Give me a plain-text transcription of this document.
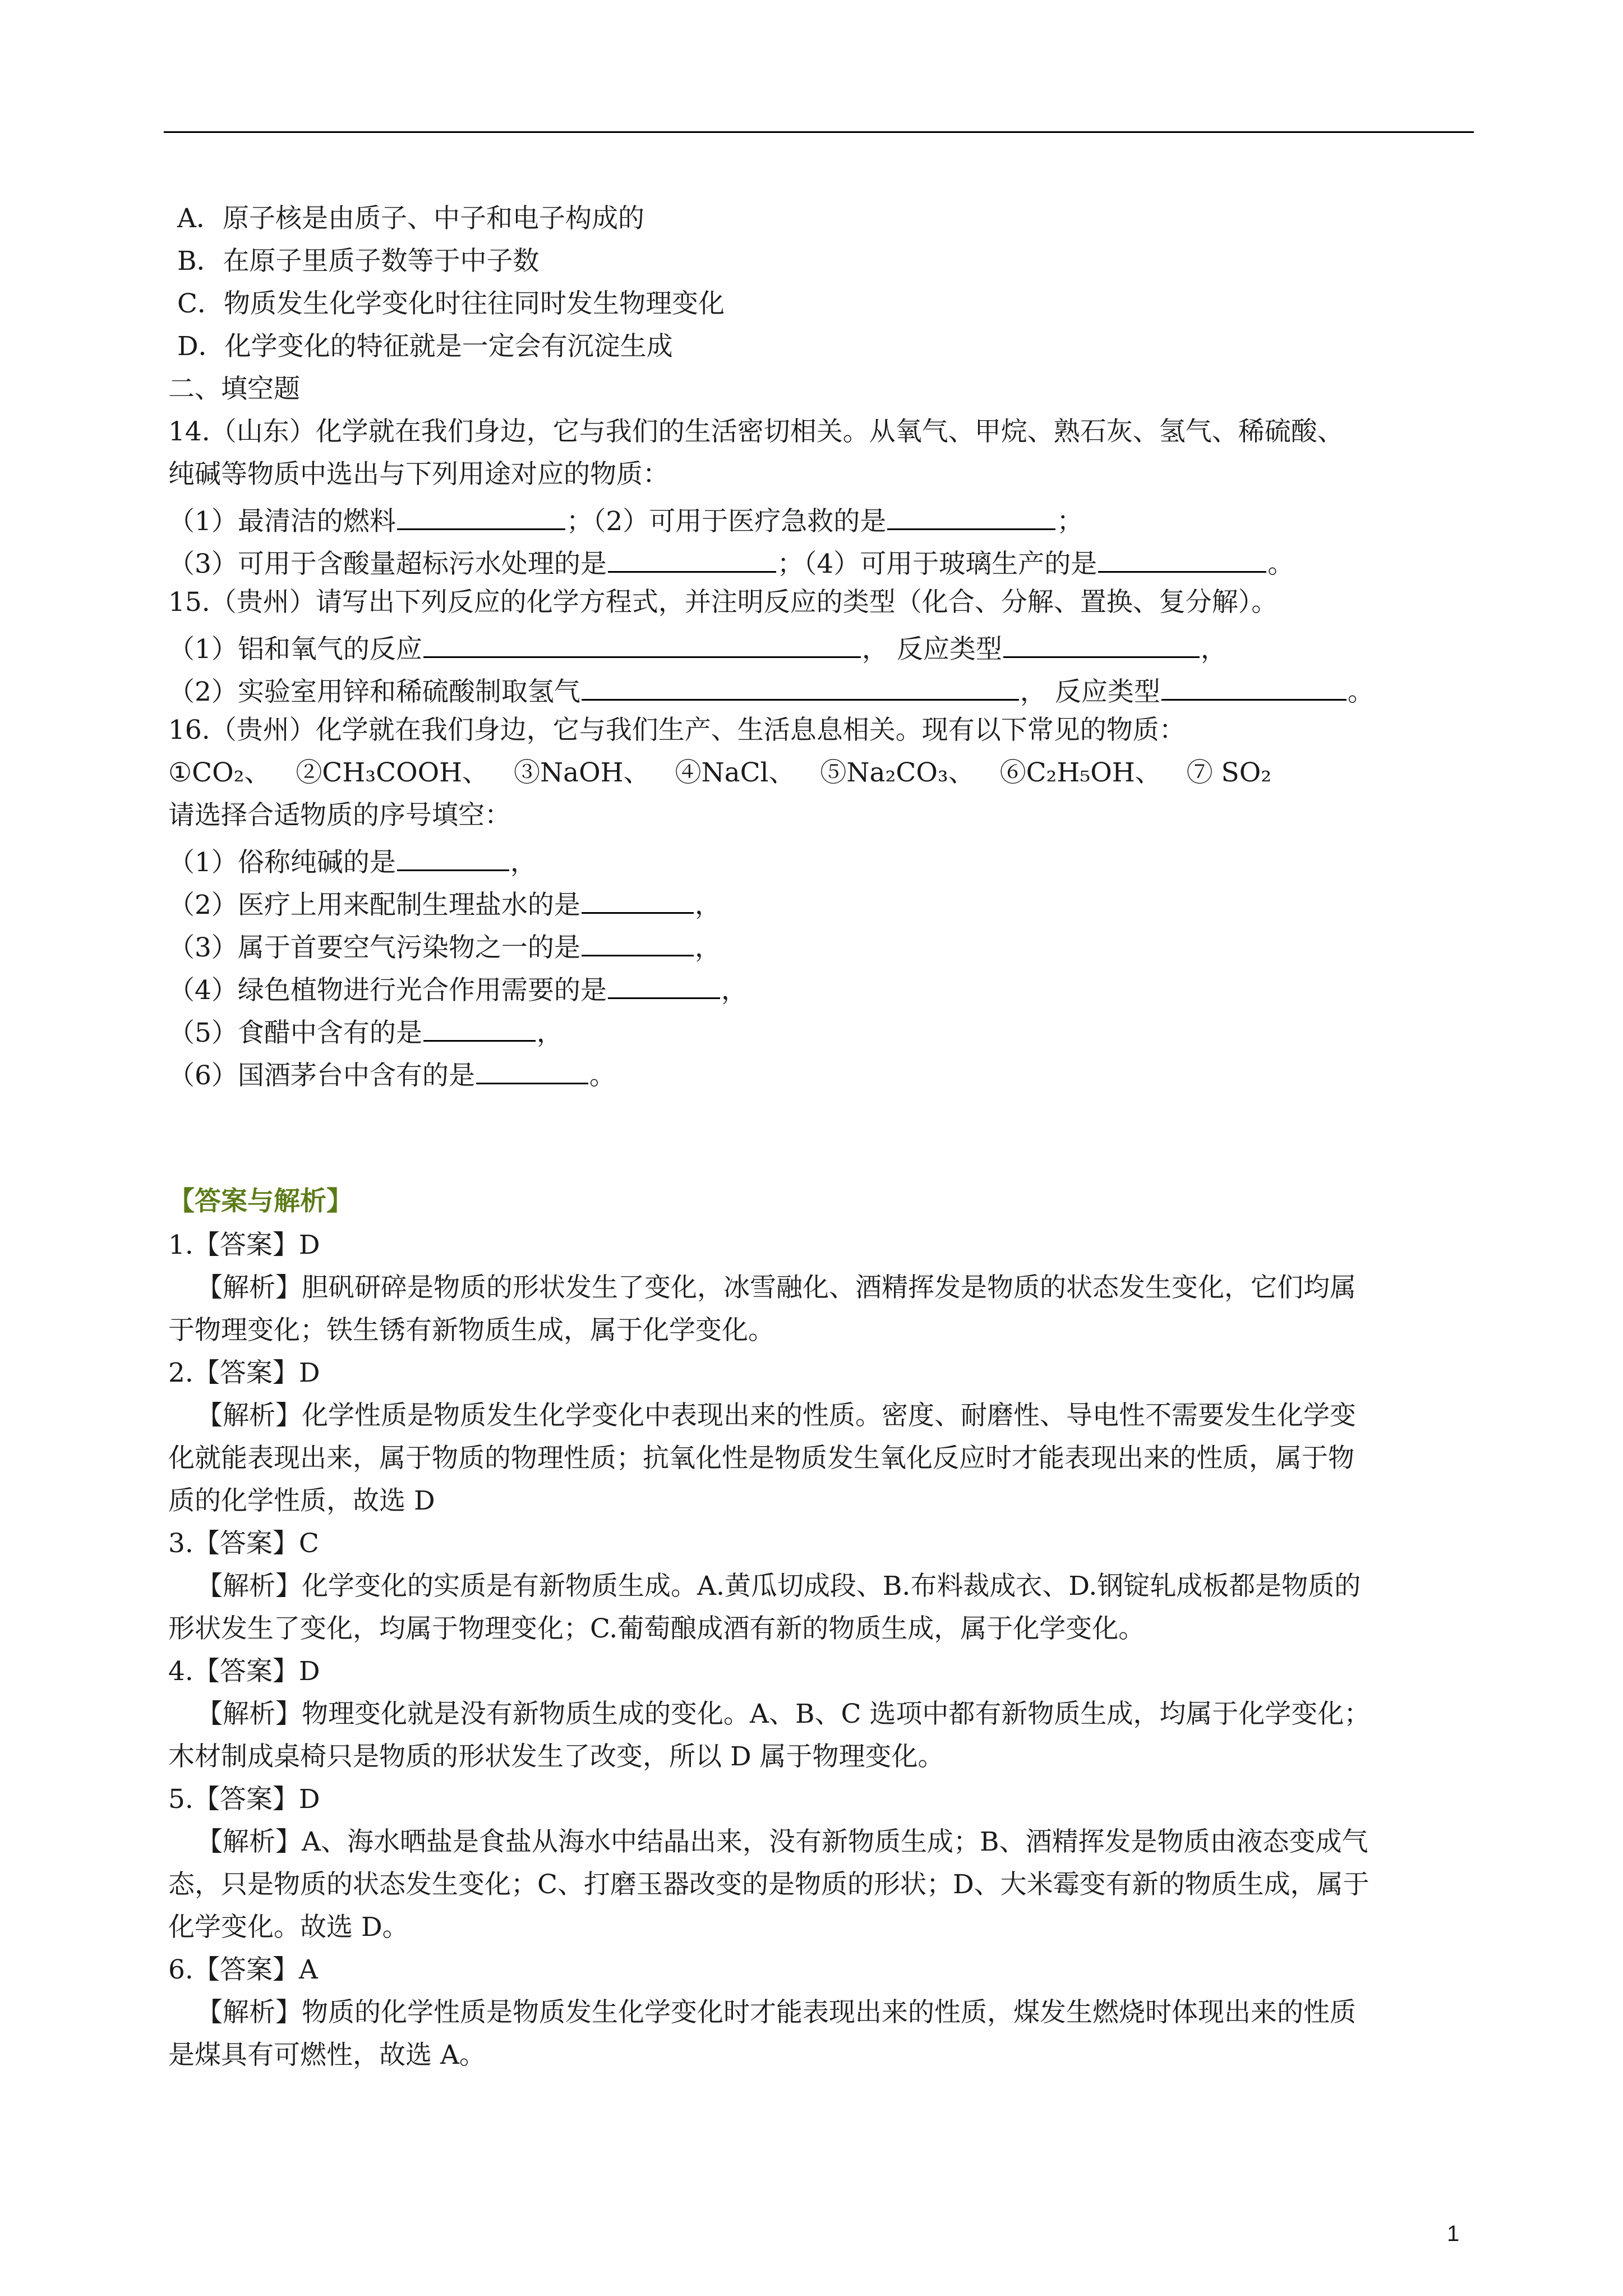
A．原子核是由质子、中子和电子构成的
B．在原子里质子数等于中子数
C．物质发生化学变化时往往同时发生物理变化
D．化学变化的特征就是一定会有沉淀生成
二、填空题
14.（山东）化学就在我们身边，它与我们的生活密切相关。从氧气、甲烷、熟石灰、氢气、稀硫酸、
纯碱等物质中选出与下列用途对应的物质：
（1）最清洁的燃料	；（2）可用于医疗急救的是	；
（3）可用于含酸量超标污水处理的是	；（4）可用于玻璃生产的是	。
15.（贵州）请写出下列反应的化学方程式，并注明反应的类型（化合、分解、置换、复分解）。
（1）铝和氧气的反应	， 反应类型	，
（2）实验室用锌和稀硫酸制取氢气	， 反应类型	。
16.（贵州）化学就在我们身边，它与我们生产、生活息息相关。现有以下常见的物质：
①CO₂、 ②CH₃COOH、 ③NaOH、 ④NaCl、 ⑤Na₂CO₃、 ⑥C₂H₅OH、 ⑦ SO₂
请选择合适物质的序号填空：
（1）俗称纯碱的是	，
（2）医疗上用来配制生理盐水的是	，
（3）属于首要空气污染物之一的是	，
（4）绿色植物进行光合作用需要的是	，
（5）食醋中含有的是	，
（6）国酒茅台中含有的是	。
【答案与解析】
1.【答案】D
【解析】胆矾研碎是物质的形状发生了变化，冰雪融化、酒精挥发是物质的状态发生变化，它们均属
于物理变化；铁生锈有新物质生成，属于化学变化。
2.【答案】D
【解析】化学性质是物质发生化学变化中表现出来的性质。密度、耐磨性、导电性不需要发生化学变
化就能表现出来，属于物质的物理性质；抗氧化性是物质发生氧化反应时才能表现出来的性质，属于物
质的化学性质，故选 D
3.【答案】C
【解析】化学变化的实质是有新物质生成。A.黄瓜切成段、B.布料裁成衣、D.钢锭轧成板都是物质的
形状发生了变化，均属于物理变化；C.葡萄酿成酒有新的物质生成，属于化学变化。
4.【答案】D
【解析】物理变化就是没有新物质生成的变化。A、B、C 选项中都有新物质生成，均属于化学变化；
木材制成桌椅只是物质的形状发生了改变，所以 D 属于物理变化。
5.【答案】D
【解析】A、海水晒盐是食盐从海水中结晶出来，没有新物质生成；B、酒精挥发是物质由液态变成气
态，只是物质的状态发生变化；C、打磨玉器改变的是物质的形状；D、大米霉变有新的物质生成，属于
化学变化。故选 D。
6.【答案】A
【解析】物质的化学性质是物质发生化学变化时才能表现出来的性质，煤发生燃烧时体现出来的性质
是煤具有可燃性，故选 A。
1
